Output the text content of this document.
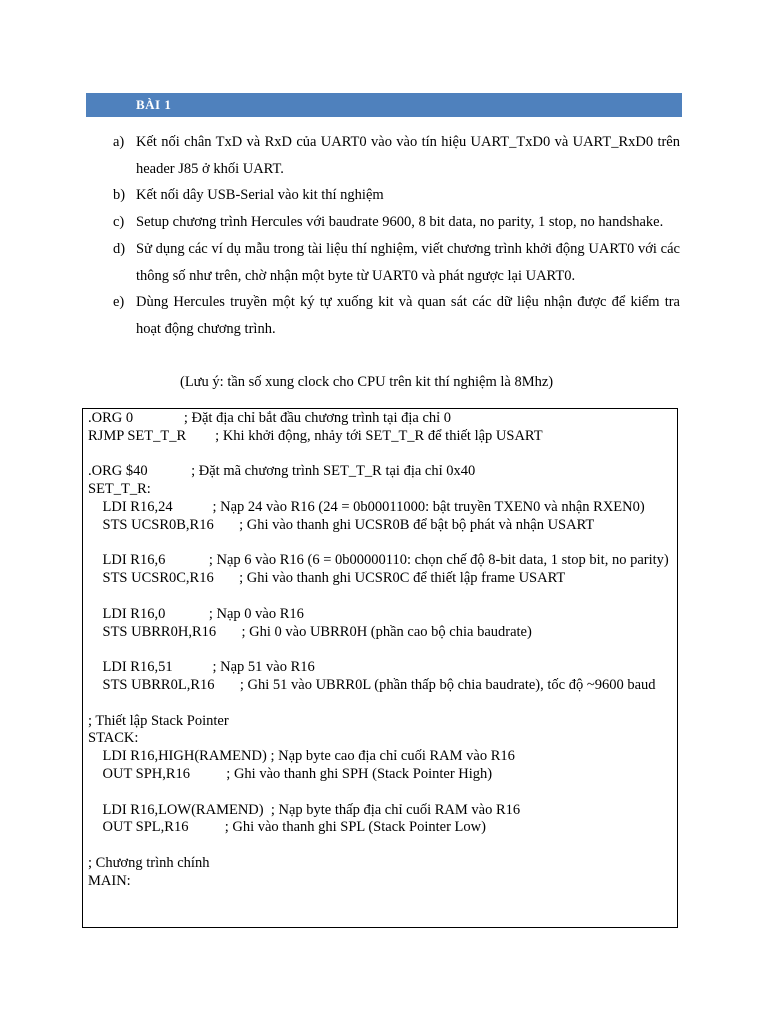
BÀI 1
a) Kết nối chân TxD và RxD của UART0 vào vào tín hiệu UART_TxD0 và UART_RxD0 trên header J85 ở khối UART.
b) Kết nối dây USB-Serial vào kit thí nghiệm
c) Setup chương trình Hercules với baudrate 9600, 8 bit data, no parity, 1 stop, no handshake.
d) Sử dụng các ví dụ mẫu trong tài liệu thí nghiệm, viết chương trình khởi động UART0 với các thông số như trên, chờ nhận một byte từ UART0 và phát ngược lại UART0.
e) Dùng Hercules truyền một ký tự xuống kit và quan sát các dữ liệu nhận được để kiểm tra hoạt động chương trình.
(Lưu ý: tần số xung clock cho CPU trên kit thí nghiệm là 8Mhz)
.ORG 0              ; Đặt địa chỉ bắt đầu chương trình tại địa chỉ 0
RJMP SET_T_R        ; Khi khởi động, nhảy tới SET_T_R để thiết lập USART
.ORG $40            ; Đặt mã chương trình SET_T_R tại địa chỉ 0x40
SET_T_R:
LDI R16,24           ; Nạp 24 vào R16 (24 = 0b00011000: bật truyền TXEN0 và nhận RXEN0)
STS UCSR0B,R16       ; Ghi vào thanh ghi UCSR0B để bật bộ phát và nhận USART
LDI R16,6            ; Nạp 6 vào R16 (6 = 0b00000110: chọn chế độ 8-bit data, 1 stop bit, no parity)
STS UCSR0C,R16       ; Ghi vào thanh ghi UCSR0C để thiết lập frame USART
LDI R16,0            ; Nạp 0 vào R16
STS UBRR0H,R16       ; Ghi 0 vào UBRR0H (phần cao bộ chia baudrate)
LDI R16,51           ; Nạp 51 vào R16
STS UBRR0L,R16       ; Ghi 51 vào UBRR0L (phần thấp bộ chia baudrate), tốc độ ~9600 baud
; Thiết lập Stack Pointer
STACK:
LDI R16,HIGH(RAMEND) ; Nạp byte cao địa chỉ cuối RAM vào R16
OUT SPH,R16          ; Ghi vào thanh ghi SPH (Stack Pointer High)
LDI R16,LOW(RAMEND)  ; Nạp byte thấp địa chỉ cuối RAM vào R16
OUT SPL,R16          ; Ghi vào thanh ghi SPL (Stack Pointer Low)
; Chương trình chính
MAIN:
